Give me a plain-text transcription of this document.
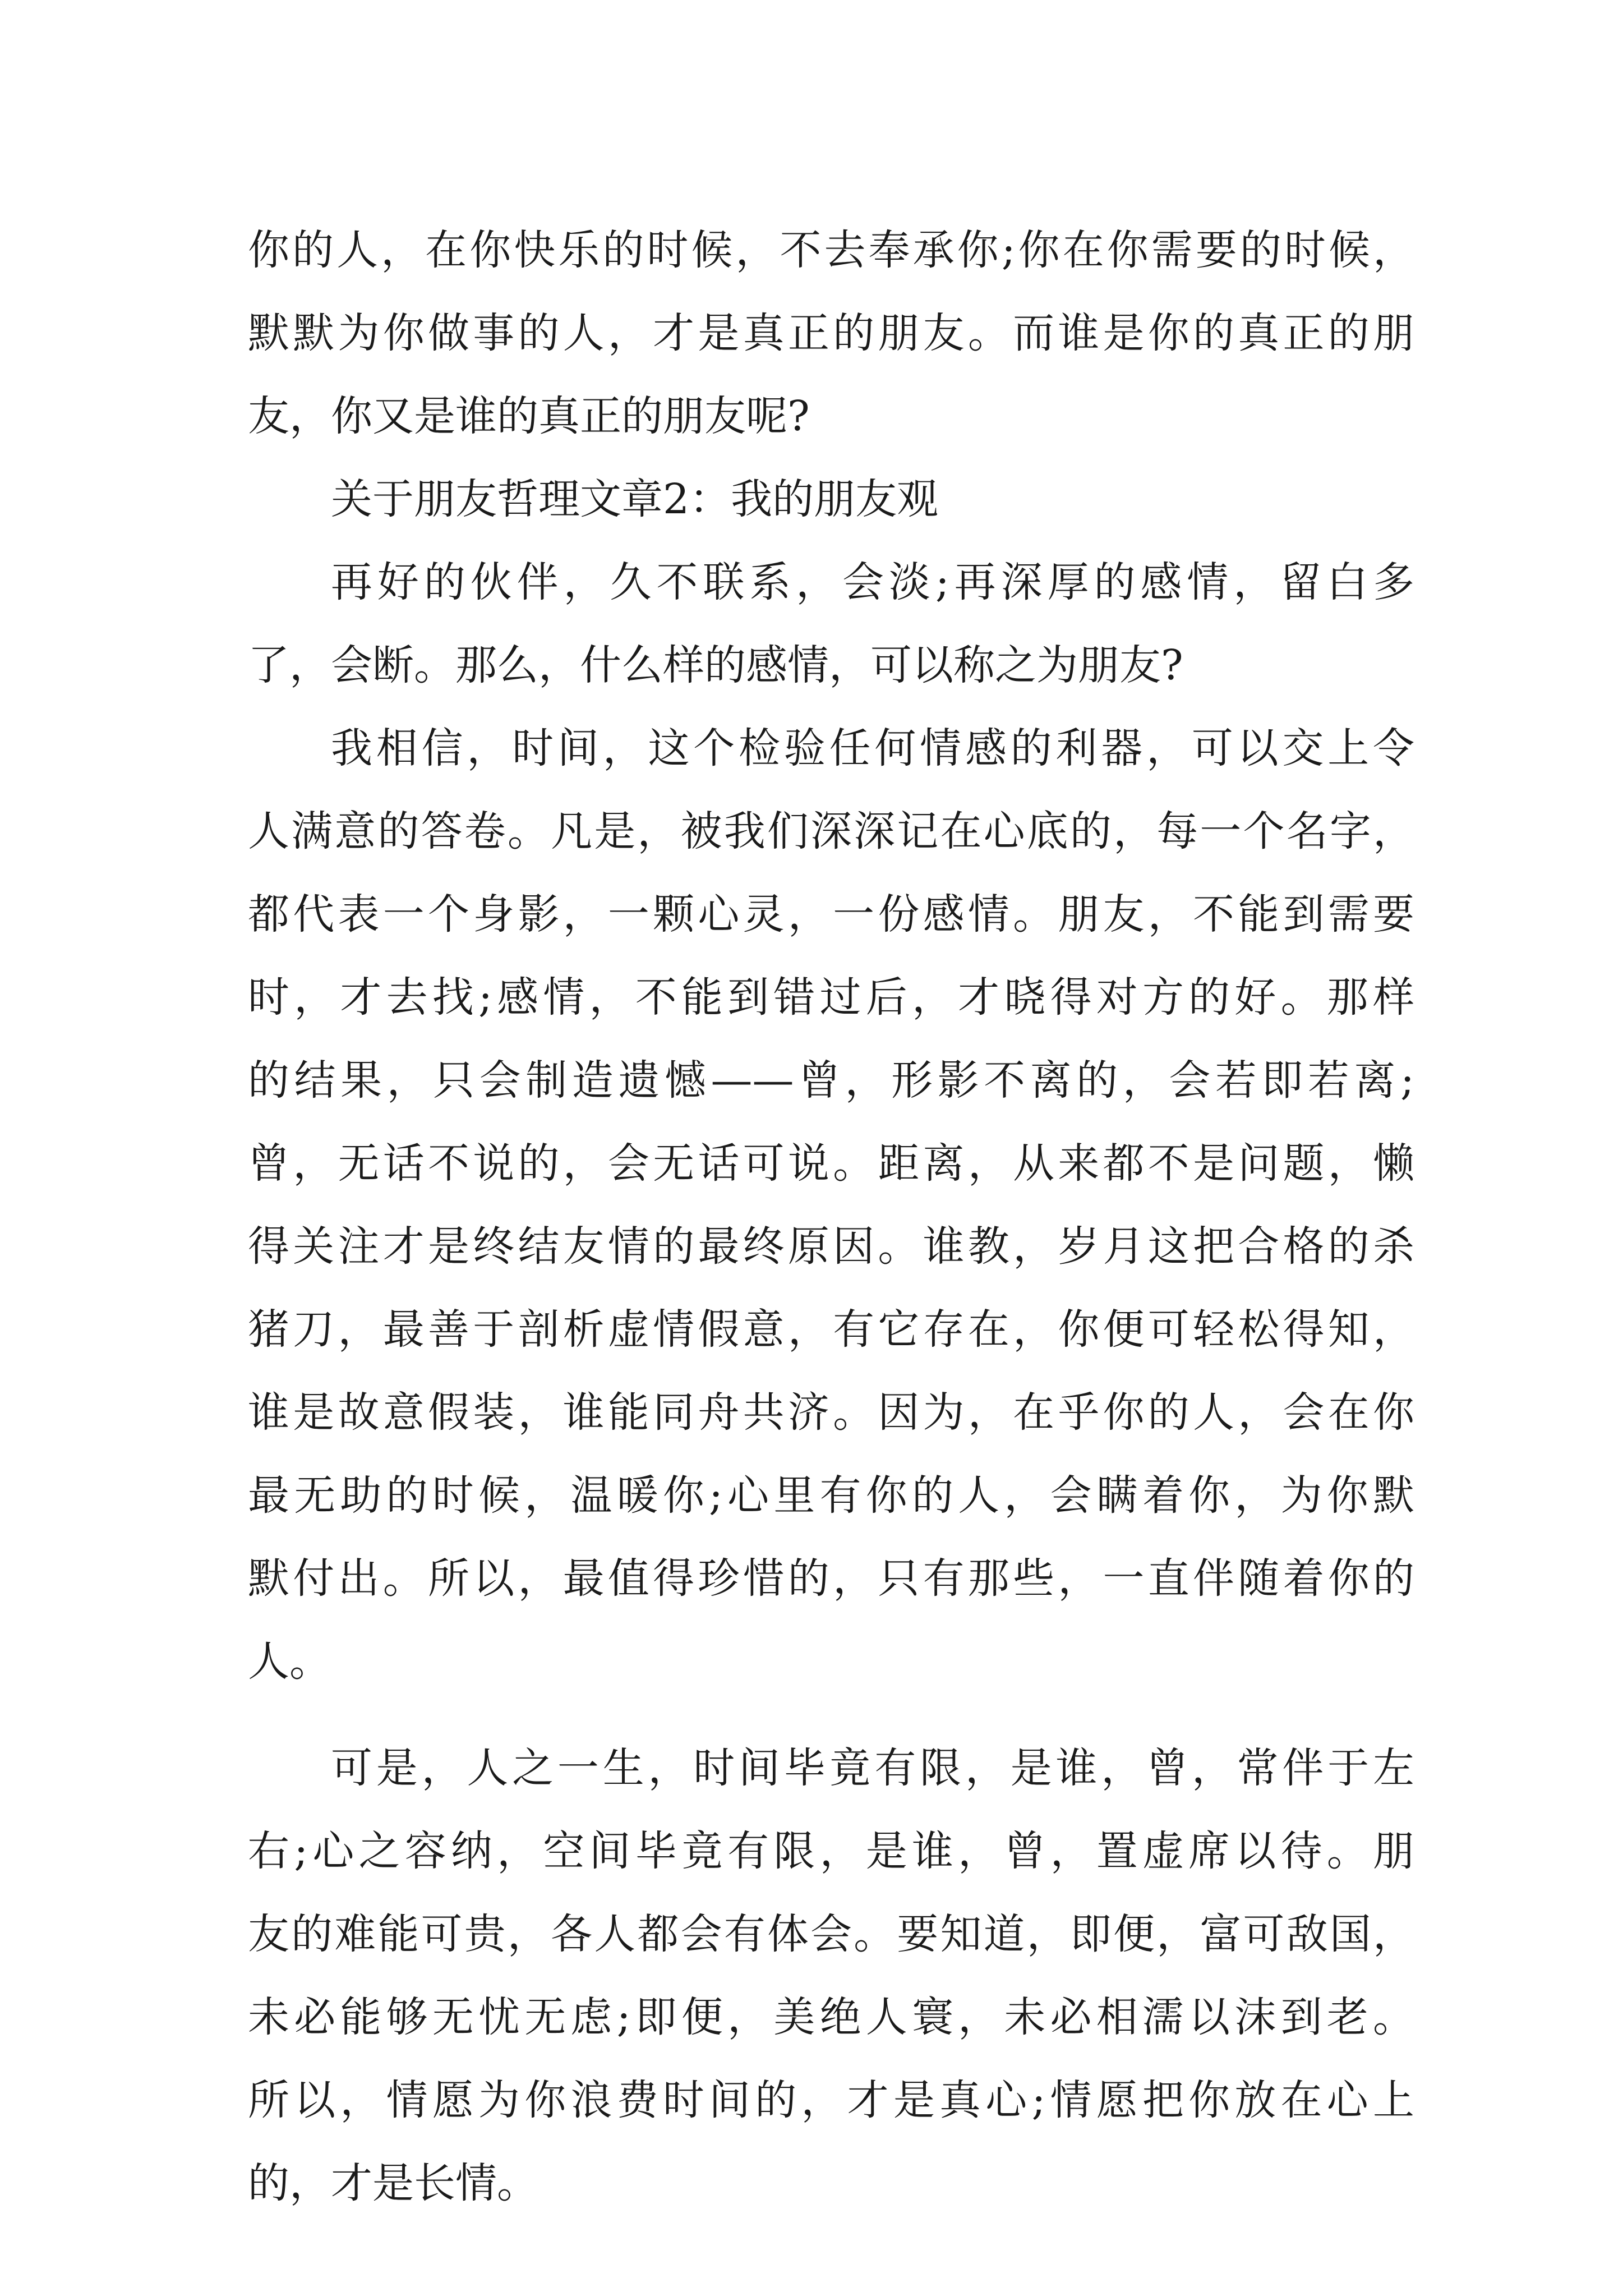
你的人，在你快乐的时候，不去奉承你;你在你需要的时候，
默默为你做事的人，才是真正的朋友。而谁是你的真正的朋
友，你又是谁的真正的朋友呢?
关于朋友哲理文章2：我的朋友观
再好的伙伴，久不联系，会淡;再深厚的感情，留白多
了，会断。那么，什么样的感情，可以称之为朋友?
我相信，时间，这个检验任何情感的利器，可以交上令
人满意的答卷。凡是，被我们深深记在心底的，每一个名字，
都代表一个身影，一颗心灵，一份感情。朋友，不能到需要
时，才去找;感情，不能到错过后，才晓得对方的好。那样
的结果，只会制造遗憾——曾，形影不离的，会若即若离;
曾，无话不说的，会无话可说。距离，从来都不是问题，懒
得关注才是终结友情的最终原因。谁教，岁月这把合格的杀
猪刀，最善于剖析虚情假意，有它存在，你便可轻松得知，
谁是故意假装，谁能同舟共济。因为，在乎你的人，会在你
最无助的时候，温暖你;心里有你的人，会瞒着你，为你默
默付出。所以，最值得珍惜的，只有那些，一直伴随着你的
人。
可是，人之一生，时间毕竟有限，是谁，曾，常伴于左
右;心之容纳，空间毕竟有限，是谁，曾，置虚席以待。朋
友的难能可贵，各人都会有体会。要知道，即便，富可敌国，
未必能够无忧无虑;即便，美绝人寰，未必相濡以沫到老。
所以，情愿为你浪费时间的，才是真心;情愿把你放在心上
的，才是长情。
